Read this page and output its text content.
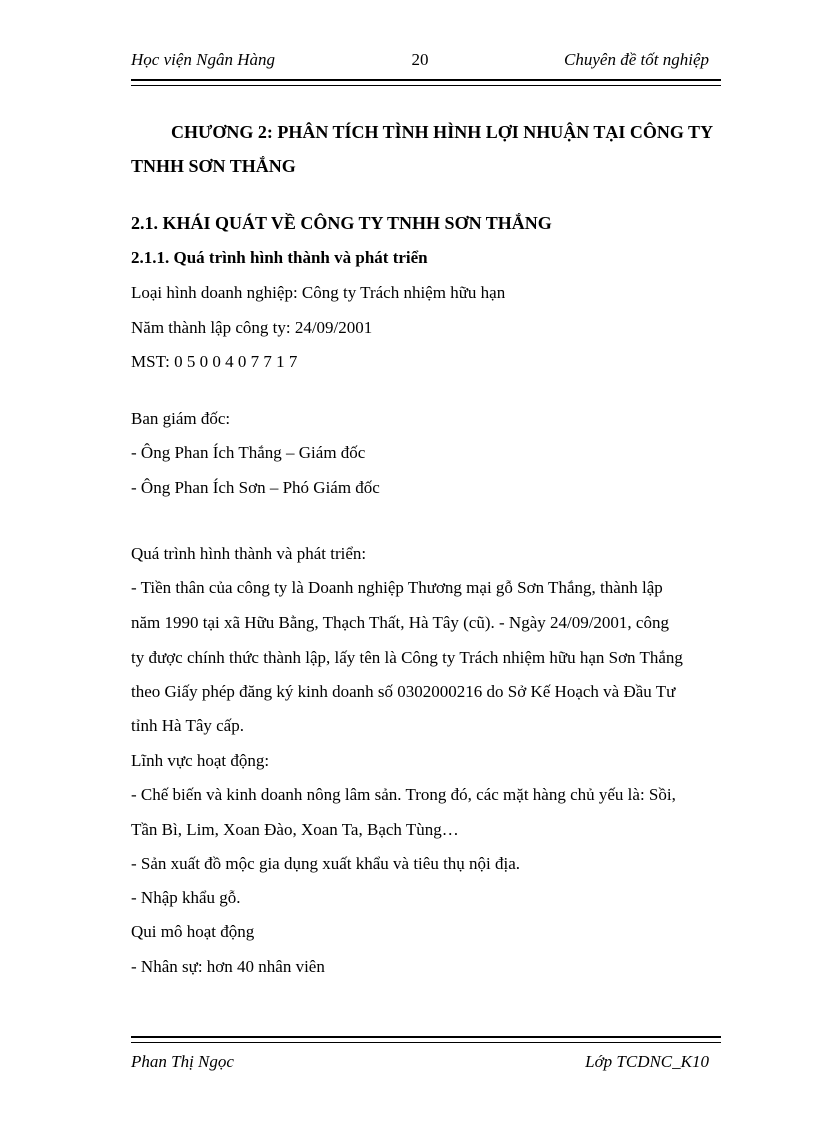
Học viện Ngân Hàng	20	Chuyên đề tốt nghiệp
CHƯƠNG 2: PHÂN TÍCH TÌNH HÌNH LỢI NHUẬN TẠI CÔNG TY
TNHH SƠN THẮNG
2.1. KHÁI QUÁT VỀ CÔNG TY TNHH SƠN THẮNG
2.1.1. Quá trình hình thành và phát triển
Loại hình doanh nghiệp: Công ty Trách nhiệm hữu hạn
Năm thành lập công ty: 24/09/2001
MST: 0 5 0 0 4 0 7 7 1 7
Ban giám đốc:
- Ông Phan Ích Thắng – Giám đốc
- Ông Phan Ích Sơn – Phó Giám đốc
Quá trình hình thành và phát triển:
- Tiền thân của công ty là Doanh nghiệp Thương mại gỗ Sơn Thắng, thành lập
năm 1990 tại xã Hữu Bằng, Thạch Thất, Hà Tây (cũ). - Ngày 24/09/2001, công
ty được chính thức thành lập, lấy tên là Công ty Trách nhiệm hữu hạn Sơn Thắng
theo Giấy phép đăng ký kinh doanh số 0302000216 do Sở Kế Hoạch và Đầu Tư
tỉnh Hà Tây cấp.
Lĩnh vực hoạt động:
- Chế biến và kinh doanh nông lâm sản. Trong đó, các mặt hàng chủ yếu là: Sồi,
Tần Bì, Lim, Xoan Đào, Xoan Ta, Bạch Tùng…
- Sản xuất đồ mộc gia dụng xuất khẩu và tiêu thụ nội địa.
- Nhập khẩu gỗ.
Qui mô hoạt động
- Nhân sự: hơn 40 nhân viên
Phan Thị Ngọc	Lớp TCDNC_K10
